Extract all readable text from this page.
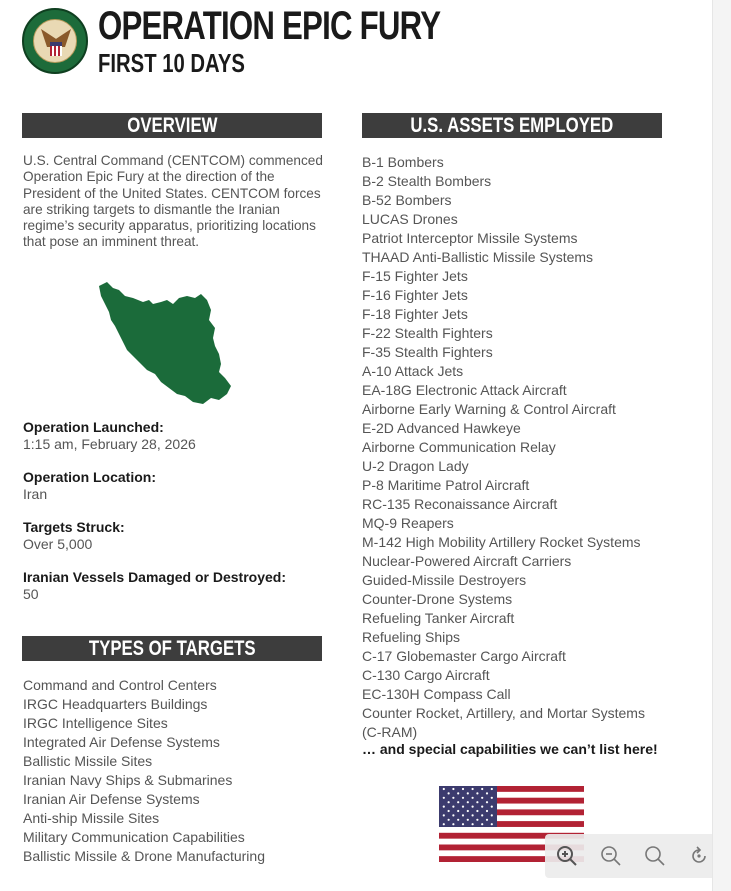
OPERATION EPIC FURY
FIRST 10 DAYS
OVERVIEW

U.S. Central Command (CENTCOM) commenced Operation Epic Fury at the direction of the President of the United States. CENTCOM forces are striking targets to dismantle the Iranian regime’s security apparatus, prioritizing locations that pose an imminent threat.

Operation Launched:
1:15 am, February 28, 2026
Operation Location:
Iran
Targets Struck:
Over 5,000
Iranian Vessels Damaged or Destroyed:
50
TYPES OF TARGETS
Command and Control Centers
IRGC Headquarters Buildings
IRGC Intelligence Sites
Integrated Air Defense Systems
Ballistic Missile Sites
Iranian Navy Ships & Submarines
Iranian Air Defense Systems
Anti-ship Missile Sites
Military Communication Capabilities
Ballistic Missile & Drone Manufacturing
U.S. ASSETS EMPLOYED
B-1 Bombers
B-2 Stealth Bombers
B-52 Bombers
LUCAS Drones
Patriot Interceptor Missile Systems
THAAD Anti-Ballistic Missile Systems
F-15 Fighter Jets
F-16 Fighter Jets
F-18 Fighter Jets
F-22 Stealth Fighters
F-35 Stealth Fighters
A-10 Attack Jets
EA-18G Electronic Attack Aircraft
Airborne Early Warning & Control Aircraft
E-2D Advanced Hawkeye
Airborne Communication Relay
U-2 Dragon Lady
P-8 Maritime Patrol Aircraft
RC-135 Reconaissance Aircraft
MQ-9 Reapers
M-142 High Mobility Artillery Rocket Systems
Nuclear-Powered Aircraft Carriers
Guided-Missile Destroyers
Counter-Drone Systems
Refueling Tanker Aircraft
Refueling Ships
C-17 Globemaster Cargo Aircraft
C-130 Cargo Aircraft
EC-130H Compass Call
Counter Rocket, Artillery, and Mortar Systems (C-RAM)
… and special capabilities we can’t list here!
